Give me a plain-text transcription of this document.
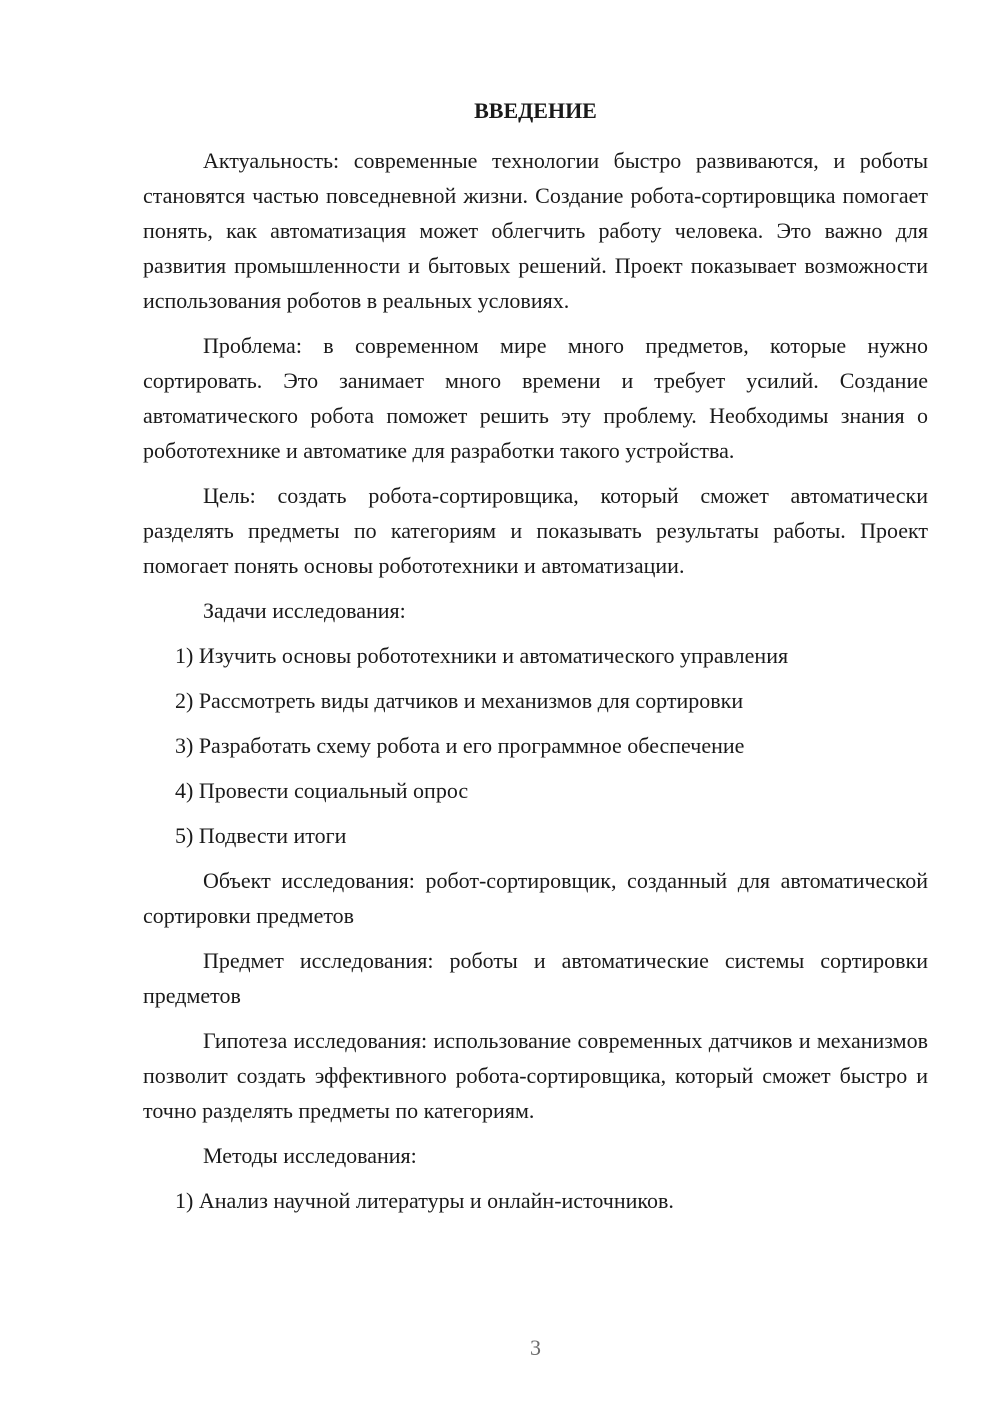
ВВЕДЕНИЕ

Актуальность: современные технологии быстро развиваются, и роботы становятся частью повседневной жизни. Создание робота-сортировщика помогает понять, как автоматизация может облегчить работу человека. Это важно для развития промышленности и бытовых решений. Проект показывает возможности использования роботов в реальных условиях.

Проблема: в современном мире много предметов, которые нужно сортировать. Это занимает много времени и требует усилий. Создание автоматического робота поможет решить эту проблему. Необходимы знания о робототехнике и автоматике для разработки такого устройства.

Цель: создать робота-сортировщика, который сможет автоматически разделять предметы по категориям и показывать результаты работы. Проект помогает понять основы робототехники и автоматизации.

Задачи исследования:

1) Изучить основы робототехники и автоматического управления

2) Рассмотреть виды датчиков и механизмов для сортировки

3) Разработать схему робота и его программное обеспечение

4) Провести социальный опрос

5) Подвести итоги

Объект исследования: робот-сортировщик, созданный для автоматической сортировки предметов

Предмет исследования: роботы и автоматические системы сортировки предметов

Гипотеза исследования: использование современных датчиков и механизмов позволит создать эффективного робота-сортировщика, который сможет быстро и точно разделять предметы по категориям.

Методы исследования:

1) Анализ научной литературы и онлайн-источников.

3
